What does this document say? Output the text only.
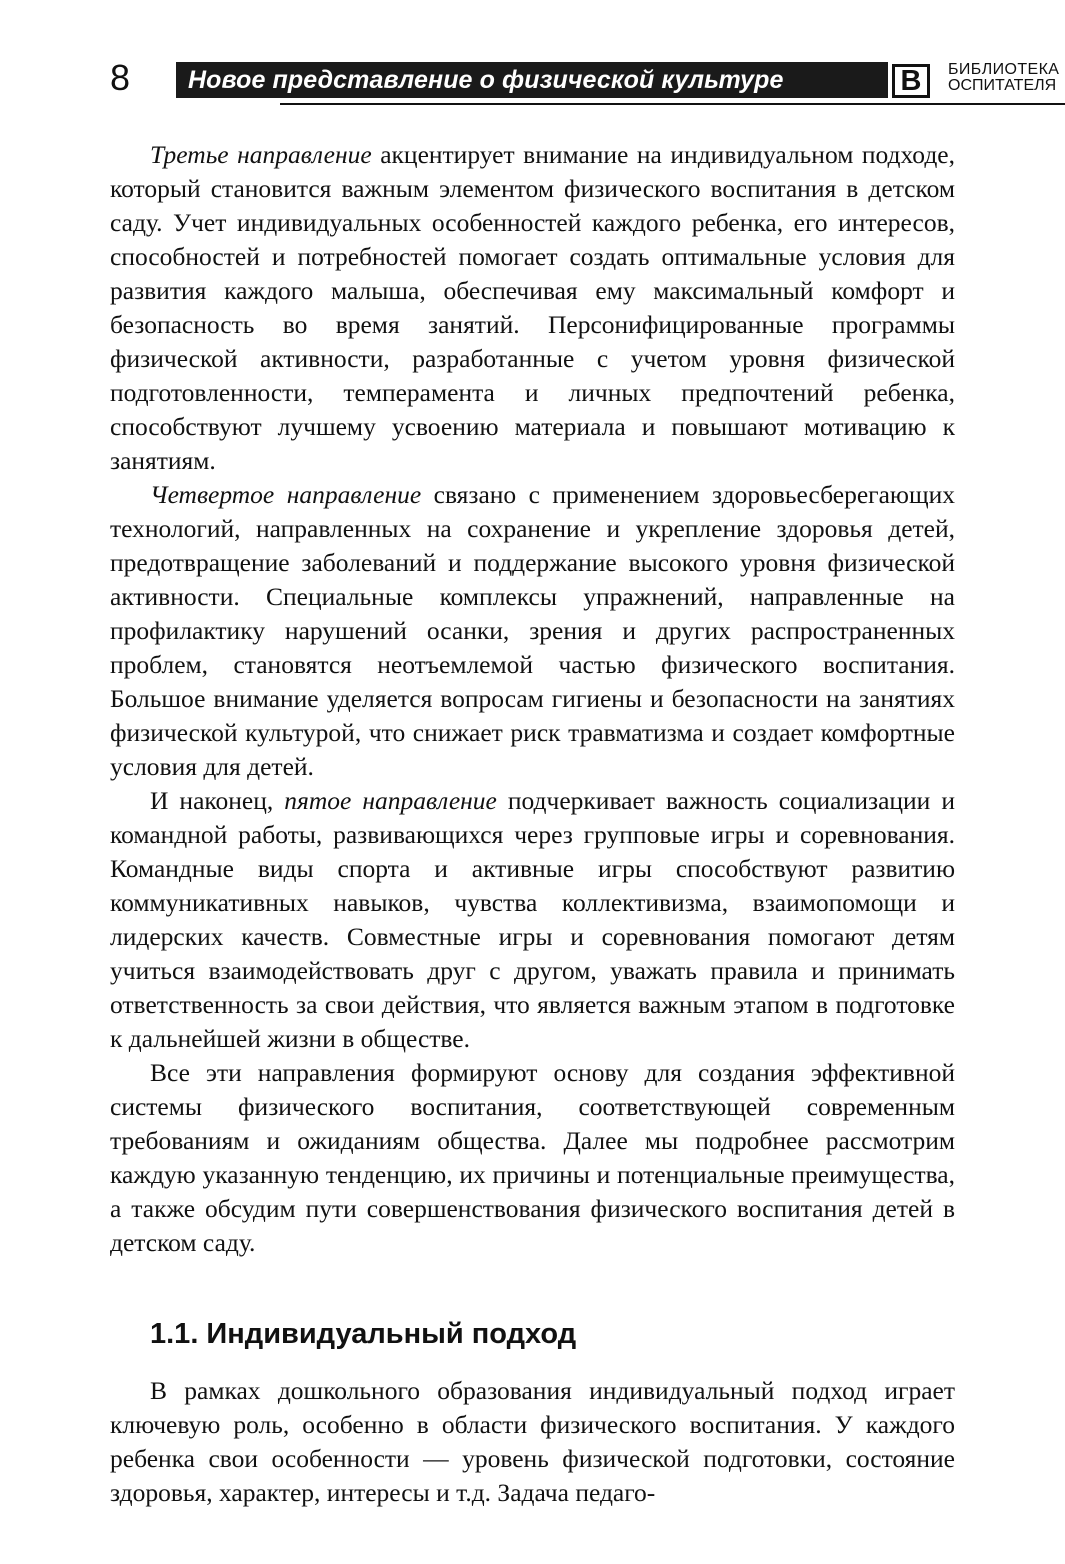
8 Новое представление о физической культуре	В	БИБЛИОТЕКА
ОСПИТАТЕЛЯ

Третье направление акцентирует внимание на индивидуальном подходе, который становится важным элементом физического воспитания в детском саду. Учет индивидуальных особенностей каждого ребенка, его интересов, способностей и потребностей помогает создать оптимальные условия для развития каждого малыша, обеспечивая ему максимальный комфорт и безопасность во время занятий. Персонифицированные программы физической активности, разработанные с учетом уровня физической подготовленности, темперамента и личных предпочтений ребенка, способствуют лучшему усвоению материала и повышают мотивацию к занятиям.

Четвертое направление связано с применением здоровьесберегающих технологий, направленных на сохранение и укрепление здоровья детей, предотвращение заболеваний и поддержание высокого уровня физической активности. Специальные комплексы упражнений, направленные на профилактику нарушений осанки, зрения и других распространенных проблем, становятся неотъемлемой частью физического воспитания. Большое внимание уделяется вопросам гигиены и безопасности на занятиях физической культурой, что снижает риск травматизма и создает комфортные условия для детей.

И наконец, пятое направление подчеркивает важность социализации и командной работы, развивающихся через групповые игры и соревнования. Командные виды спорта и активные игры способствуют развитию коммуникативных навыков, чувства коллективизма, взаимопомощи и лидерских качеств. Совместные игры и соревнования помогают детям учиться взаимодействовать друг с другом, уважать правила и принимать ответственность за свои действия, что является важным этапом в подготовке к дальнейшей жизни в обществе.

Все эти направления формируют основу для создания эффективной системы физического воспитания, соответствующей современным требованиям и ожиданиям общества. Далее мы подробнее рассмотрим каждую указанную тенденцию, их причины и потенциальные преимущества, а также обсудим пути совершенствования физического воспитания детей в детском саду.

1.1. Индивидуальный подход

В рамках дошкольного образования индивидуальный подход играет ключевую роль, особенно в области физического воспитания. У каждого ребенка свои особенности — уровень физической подготовки, состояние здоровья, характер, интересы и т.д. Задача педаго-
